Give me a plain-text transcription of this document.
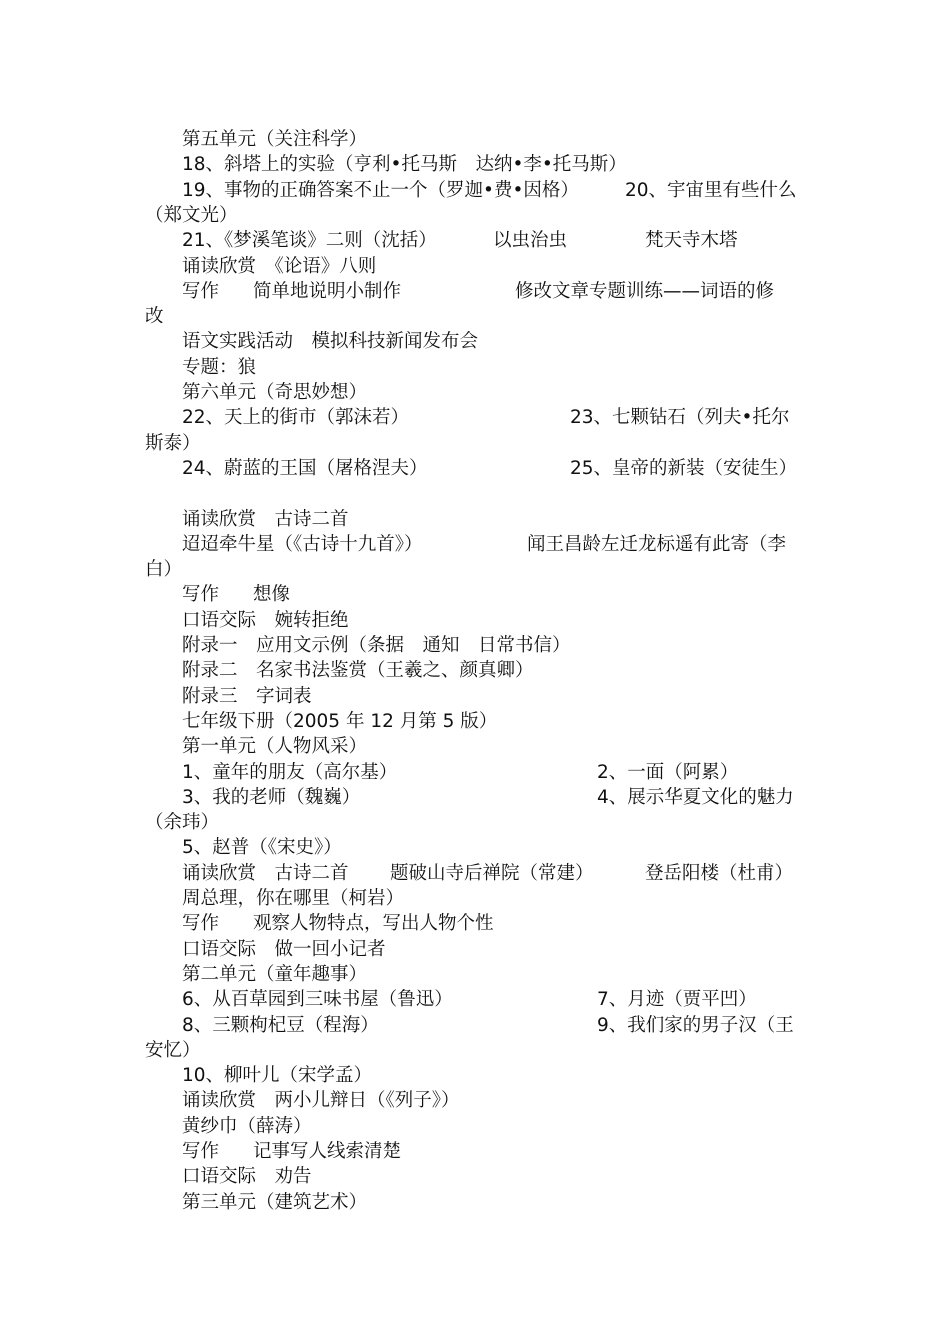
第五单元（关注科学）
18、斜塔上的实验（亨利•托马斯　达纳•李•托马斯）
19、事物的正确答案不止一个（罗迦•费•因格） 20、宇宙里有些什么
（郑文光）
21、《梦溪笔谈》二则（沈括）	以虫治虫	梵天寺木塔
诵读欣赏　《论语》八则
写作 简单地说明小制作	修改文章专题训练——词语的修
改
语文实践活动　模拟科技新闻发布会
专题：狼
第六单元（奇思妙想）
22、天上的街市（郭沫若）	23、七颗钻石（列夫•托尔
斯泰）
24、蔚蓝的王国（屠格涅夫）	25、皇帝的新装（安徒生）
诵读欣赏　古诗二首
迢迢牵牛星（《古诗十九首》）	闻王昌龄左迁龙标遥有此寄（李
白）
写作 想像
口语交际　婉转拒绝
附录一　应用文示例（条据　通知　日常书信）
附录二　名家书法鉴赏（王羲之、颜真卿）
附录三　字词表
七年级下册（2005 年 12 月第 5 版）
第一单元（人物风采）
1、童年的朋友（高尔基）	2、一面（阿累）
3、我的老师（魏巍）	4、展示华夏文化的魅力
（余玮）
5、赵普（《宋史》）
诵读欣赏　古诗二首 题破山寺后禅院（常建）	登岳阳楼（杜甫）
周总理，你在哪里（柯岩）
写作 观察人物特点，写出人物个性
口语交际　做一回小记者
第二单元（童年趣事）
6、从百草园到三味书屋（鲁迅）	7、月迹（贾平凹）
8、三颗枸杞豆（程海）	9、我们家的男子汉（王
安忆）
10、柳叶儿（宋学孟）
诵读欣赏　两小儿辩日（《列子》）
黄纱巾（薛涛）
写作 记事写人线索清楚
口语交际　劝告
第三单元（建筑艺术）
